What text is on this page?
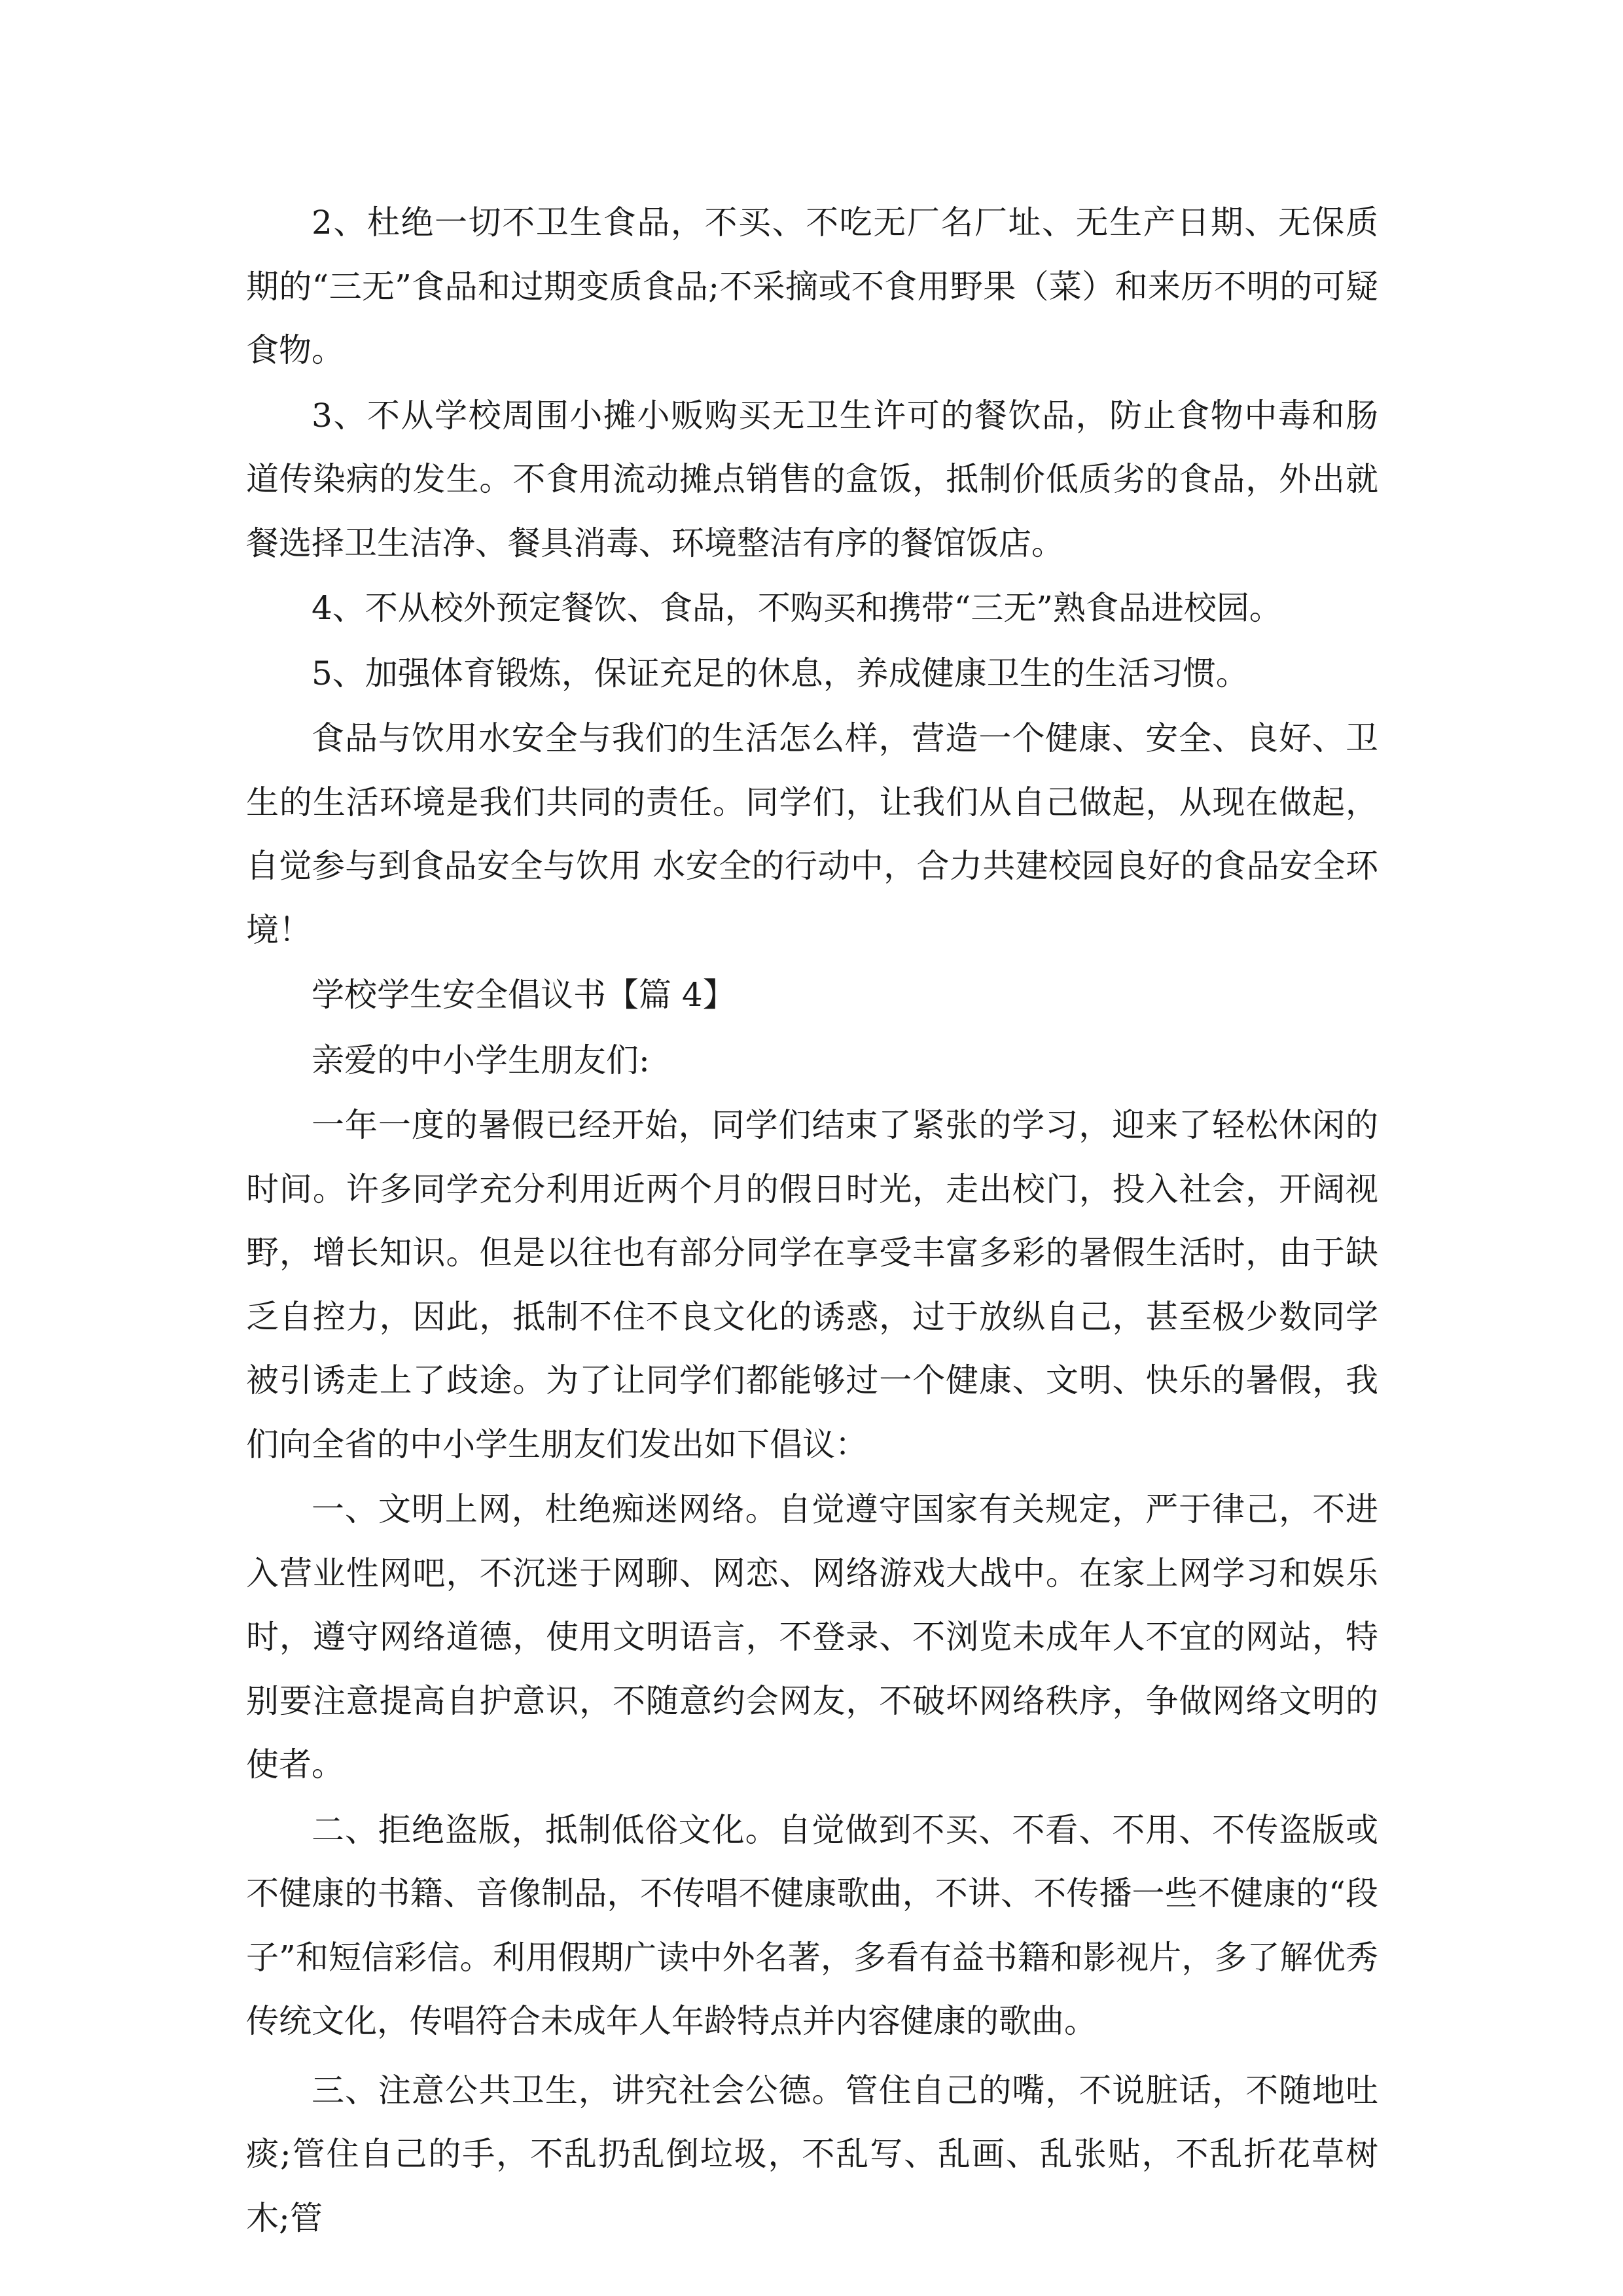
2、杜绝一切不卫生食品，不买、不吃无厂名厂址、无生产日期、无保质期的“三无”食品和过期变质食品;不采摘或不食用野果（菜）和来历不明的可疑食物。

3、不从学校周围小摊小贩购买无卫生许可的餐饮品，防止食物中毒和肠道传染病的发生。不食用流动摊点销售的盒饭，抵制价低质劣的食品，外出就餐选择卫生洁净、餐具消毒、环境整洁有序的餐馆饭店。

4、不从校外预定餐饮、食品，不购买和携带“三无”熟食品进校园。

5、加强体育锻炼，保证充足的休息，养成健康卫生的生活习惯。

食品与饮用水安全与我们的生活怎么样，营造一个健康、安全、良好、卫生的生活环境是我们共同的责任。同学们，让我们从自己做起，从现在做起，自觉参与到食品安全与饮用 水安全的行动中，合力共建校园良好的食品安全环境！

学校学生安全倡议书【篇 4】

亲爱的中小学生朋友们:

一年一度的暑假已经开始，同学们结束了紧张的学习，迎来了轻松休闲的时间。许多同学充分利用近两个月的假日时光，走出校门，投入社会，开阔视野，增长知识。但是以往也有部分同学在享受丰富多彩的暑假生活时，由于缺乏自控力，因此，抵制不住不良文化的诱惑，过于放纵自己，甚至极少数同学被引诱走上了歧途。为了让同学们都能够过一个健康、文明、快乐的暑假，我们向全省的中小学生朋友们发出如下倡议：

一、文明上网，杜绝痴迷网络。自觉遵守国家有关规定，严于律己，不进入营业性网吧，不沉迷于网聊、网恋、网络游戏大战中。在家上网学习和娱乐时，遵守网络道德，使用文明语言，不登录、不浏览未成年人不宜的网站，特别要注意提高自护意识，不随意约会网友，不破坏网络秩序，争做网络文明的使者。

二、拒绝盗版，抵制低俗文化。自觉做到不买、不看、不用、不传盗版或不健康的书籍、音像制品，不传唱不健康歌曲，不讲、不传播一些不健康的“段子”和短信彩信。利用假期广读中外名著，多看有益书籍和影视片，多了解优秀传统文化，传唱符合未成年人年龄特点并内容健康的歌曲。

三、注意公共卫生，讲究社会公德。管住自己的嘴，不说脏话，不随地吐痰;管住自己的手，不乱扔乱倒垃圾，不乱写、乱画、乱张贴，不乱折花草树木;管
